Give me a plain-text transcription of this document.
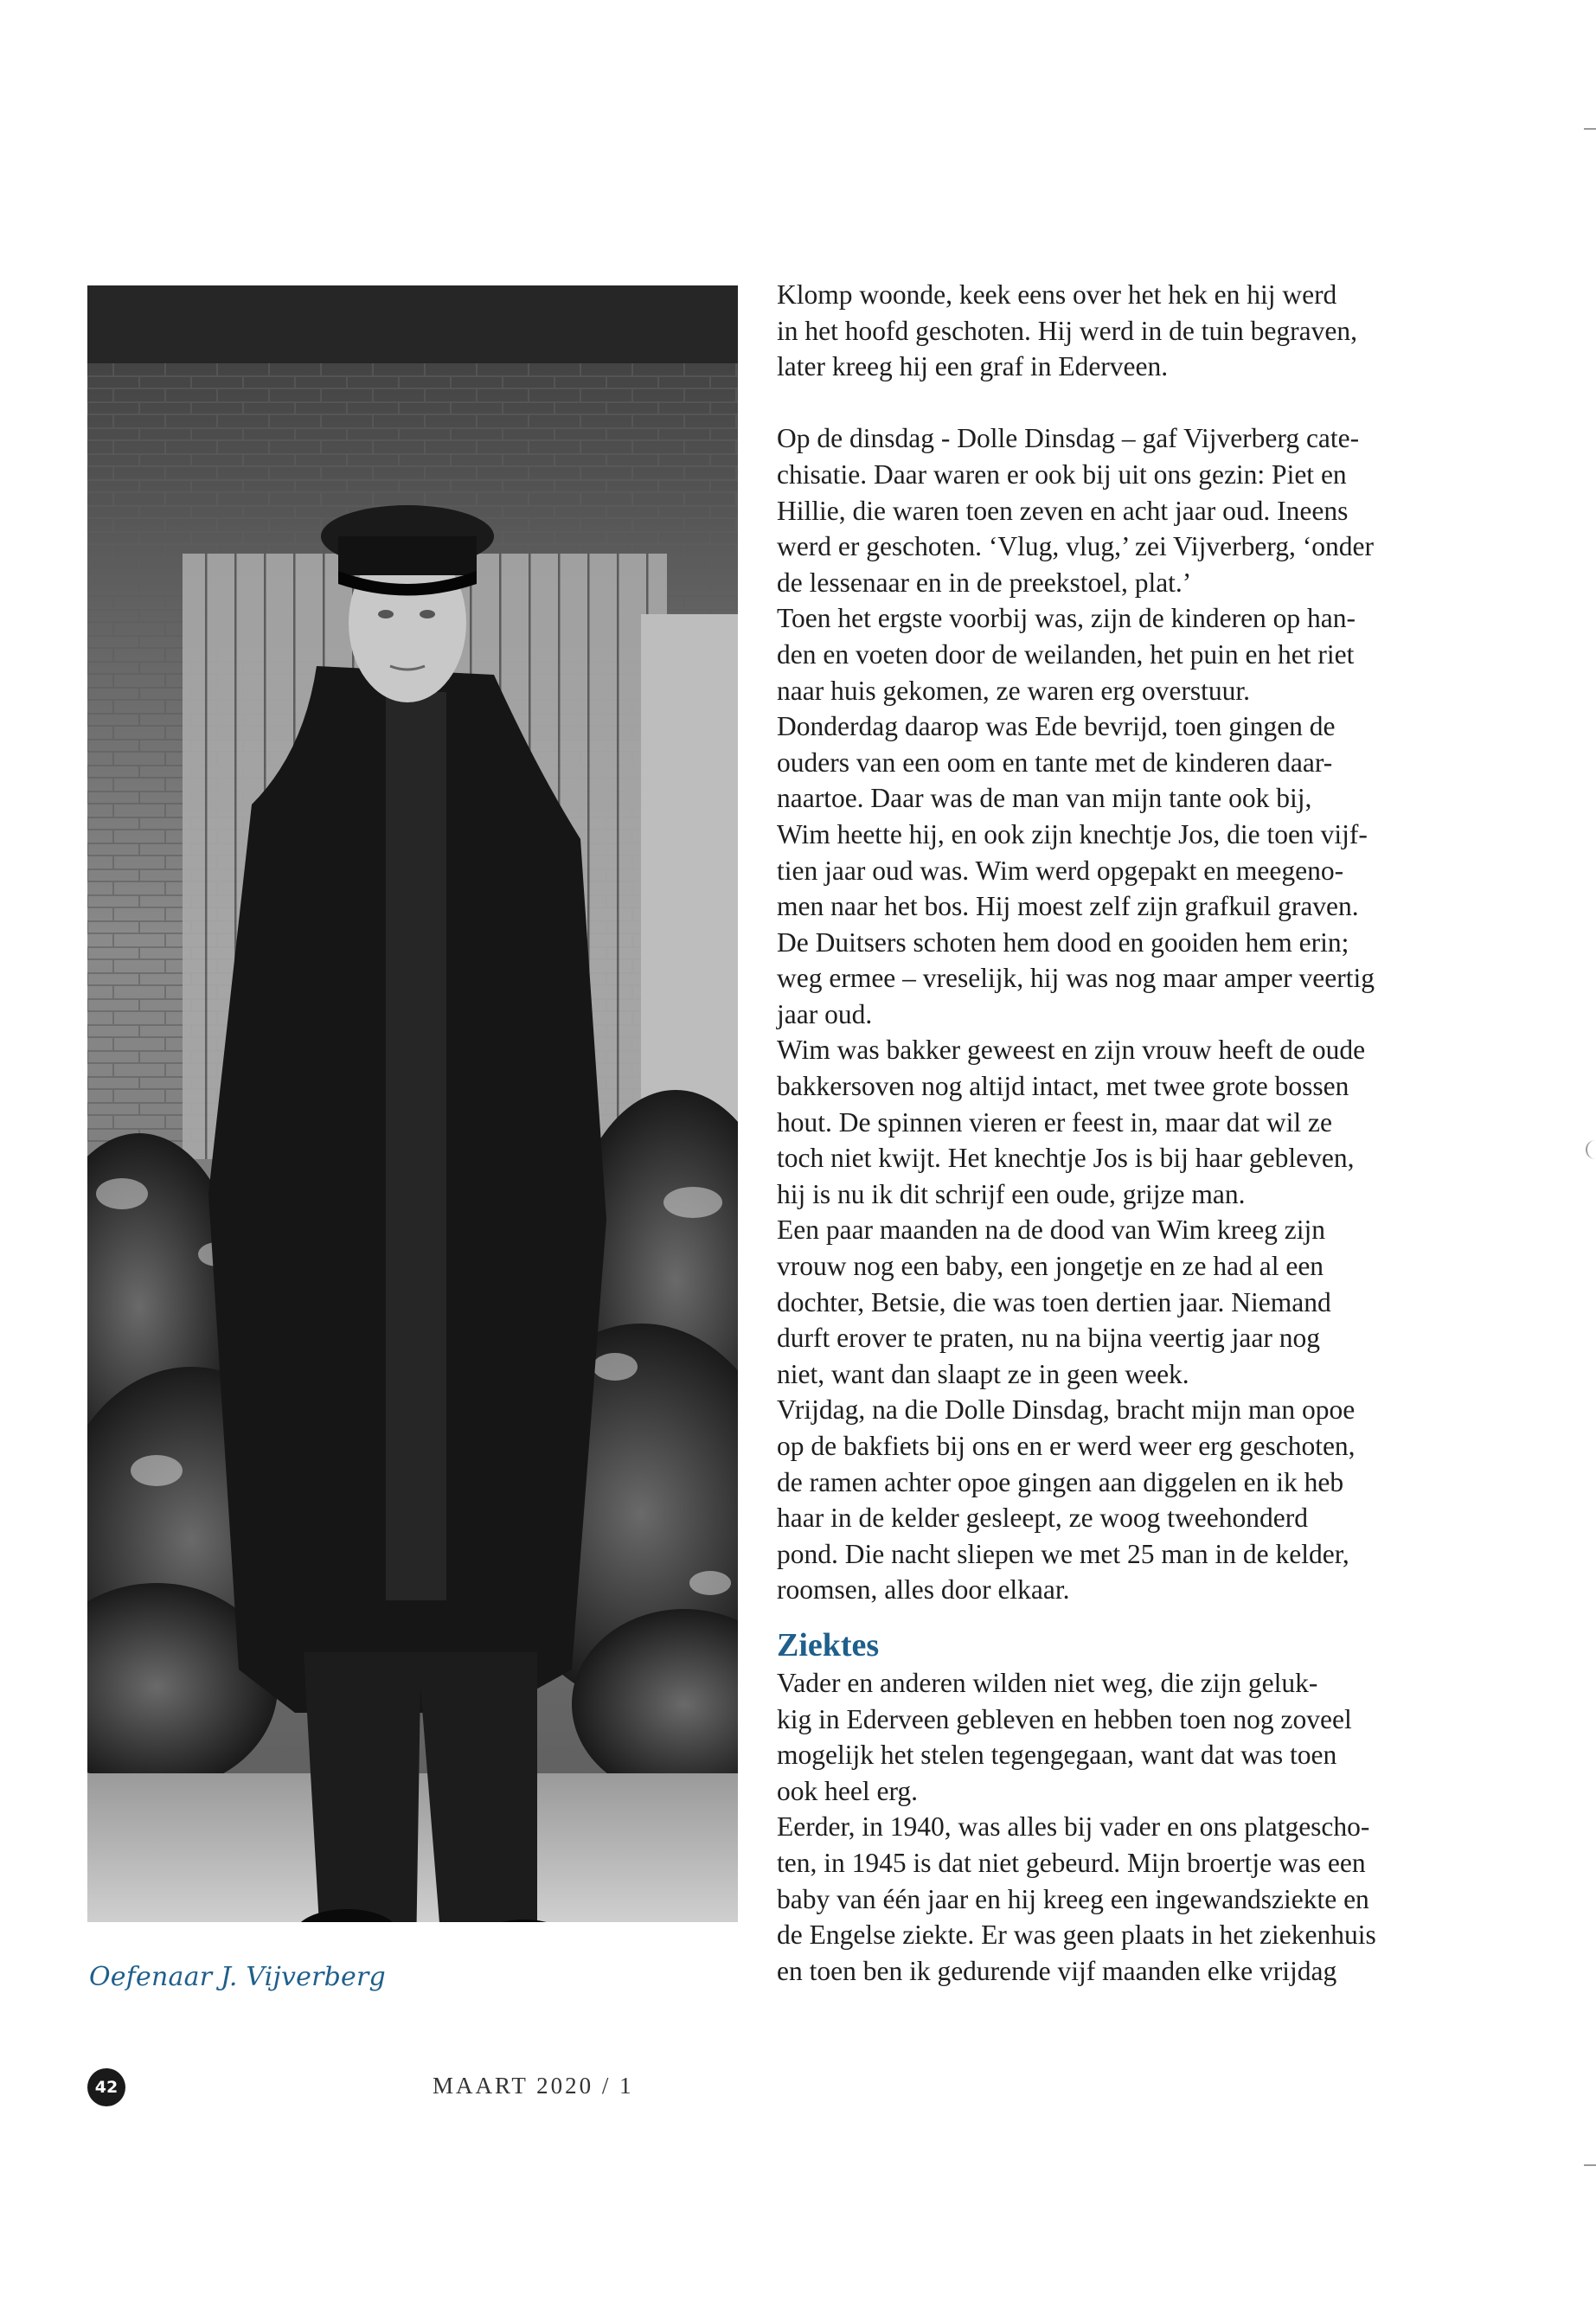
Oefenaar J. Vijverberg
Klomp woonde, keek eens over het hek en hij werd
in het hoofd geschoten. Hij werd in de tuin begraven,
later kreeg hij een graf in Ederveen.
Op de dinsdag - Dolle Dinsdag – gaf Vijverberg cate-
chisatie. Daar waren er ook bij uit ons gezin: Piet en
Hillie, die waren toen zeven en acht jaar oud. Ineens
werd er geschoten. ‘Vlug, vlug,’ zei Vijverberg, ‘onder
de lessenaar en in de preekstoel, plat.’
Toen het ergste voorbij was, zijn de kinderen op han-
den en voeten door de weilanden, het puin en het riet
naar huis gekomen, ze waren erg overstuur.
Donderdag daarop was Ede bevrijd, toen gingen de
ouders van een oom en tante met de kinderen daar-
naartoe. Daar was de man van mijn tante ook bij,
Wim heette hij, en ook zijn knechtje Jos, die toen vijf-
tien jaar oud was. Wim werd opgepakt en meegeno-
men naar het bos. Hij moest zelf zijn grafkuil graven.
De Duitsers schoten hem dood en gooiden hem erin;
weg ermee – vreselijk, hij was nog maar amper veertig
jaar oud.
Wim was bakker geweest en zijn vrouw heeft de oude
bakkersoven nog altijd intact, met twee grote bossen
hout. De spinnen vieren er feest in, maar dat wil ze
toch niet kwijt. Het knechtje Jos is bij haar gebleven,
hij is nu ik dit schrijf een oude, grijze man.
Een paar maanden na de dood van Wim kreeg zijn
vrouw nog een baby, een jongetje en ze had al een
dochter, Betsie, die was toen dertien jaar. Niemand
durft erover te praten, nu na bijna veertig jaar nog
niet, want dan slaapt ze in geen week.
Vrijdag, na die Dolle Dinsdag, bracht mijn man opoe
op de bakfiets bij ons en er werd weer erg geschoten,
de ramen achter opoe gingen aan diggelen en ik heb
haar in de kelder gesleept, ze woog tweehonderd
pond. Die nacht sliepen we met 25 man in de kelder,
roomsen, alles door elkaar.
Ziektes
Vader en anderen wilden niet weg, die zijn geluk-
kig in Ederveen gebleven en hebben toen nog zoveel
mogelijk het stelen tegengegaan, want dat was toen
ook heel erg.
Eerder, in 1940, was alles bij vader en ons platgescho-
ten, in 1945 is dat niet gebeurd. Mijn broertje was een
baby van één jaar en hij kreeg een ingewandsziekte en
de Engelse ziekte. Er was geen plaats in het ziekenhuis
en toen ben ik gedurende vijf maanden elke vrijdag
42	MAART 2020 / 1
